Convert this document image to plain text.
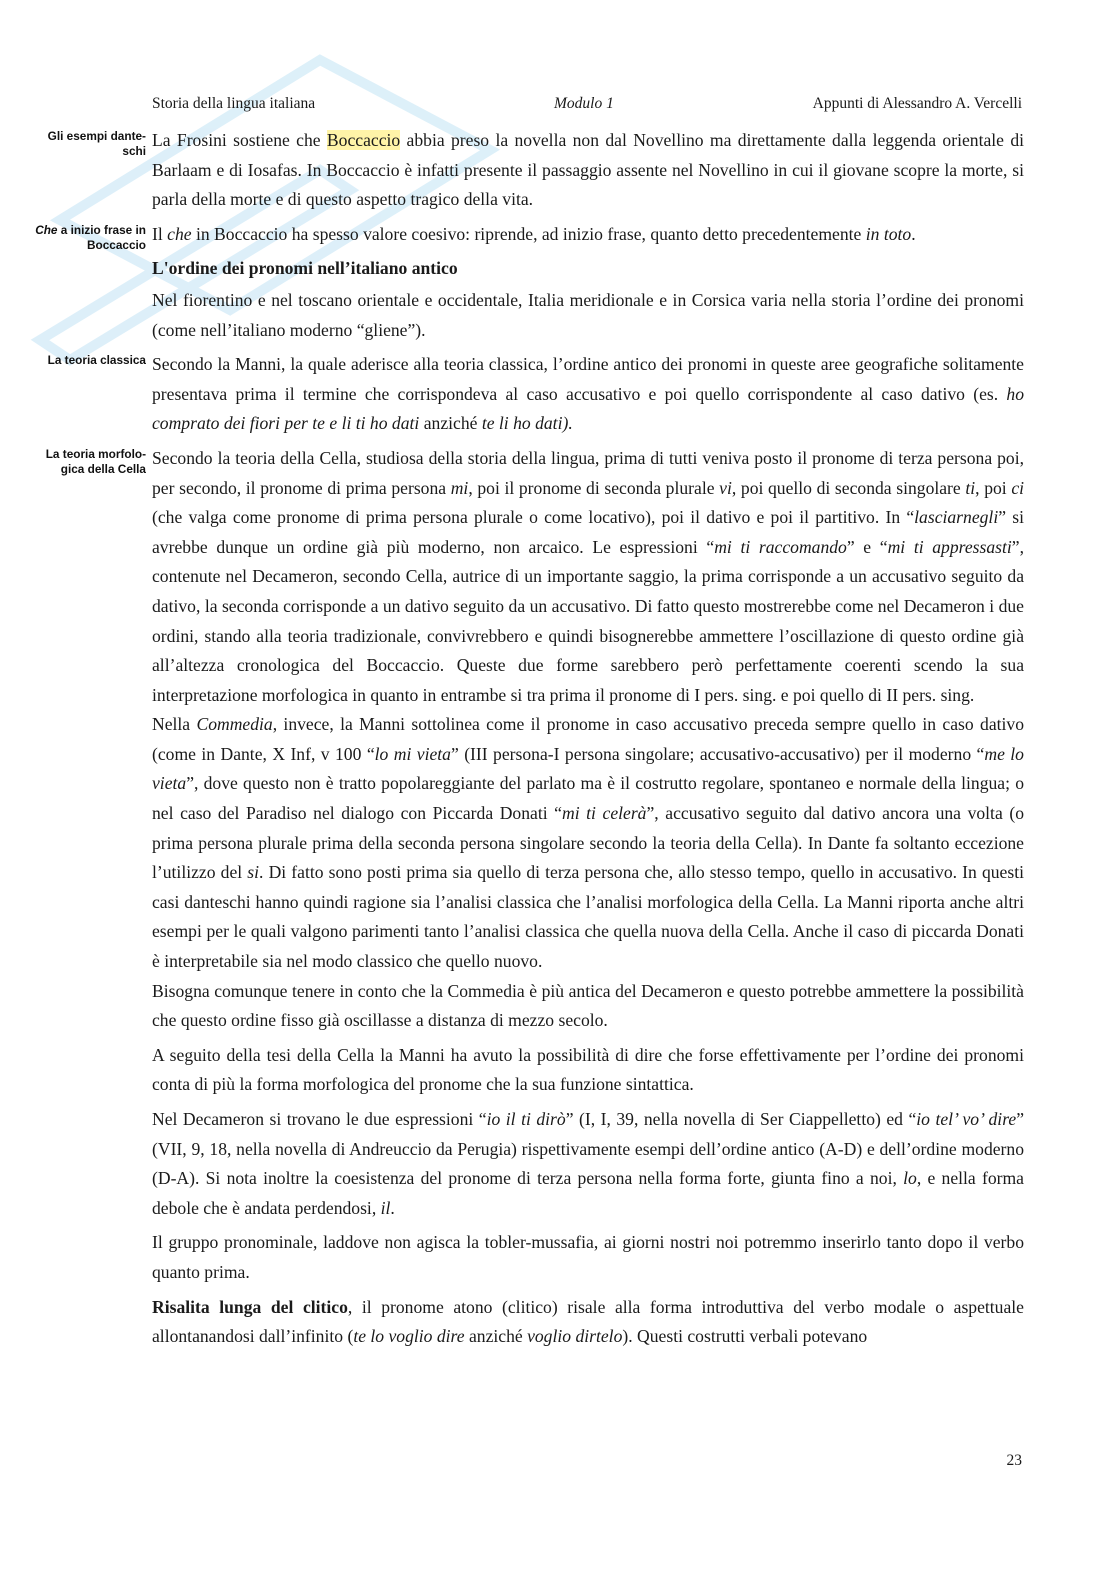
Storia della lingua italiana	Modulo 1	Appunti di Alessandro A. Vercelli

Gli esempi dante-schi
La Frosini sostiene che Boccaccio abbia preso la novella non dal Novellino ma direttamente dalla leggenda orientale di Barlaam e di Iosafas. In Boccaccio è infatti presente il passaggio assente nel Novellino in cui il giovane scopre la morte, si parla della morte e di questo aspetto tragico della vita.

Che a inizio frase in Boccaccio
Il che in Boccaccio ha spesso valore coesivo: riprende, ad inizio frase, quanto detto precedentemente in toto.

L'ordine dei pronomi nell’italiano antico

Nel fiorentino e nel toscano orientale e occidentale, Italia meridionale e in Corsica varia nella storia l’ordine dei pronomi (come nell’italiano moderno “gliene”).

La teoria classica Secondo la Manni, la quale aderisce alla teoria classica, l’ordine antico dei pronomi in queste aree geografiche solitamente presentava prima il termine che corrispondeva al caso accusativo e poi quello corrispondente al caso dativo (es. ho comprato dei fiori per te e li ti ho dati anziché te li ho dati).

La teoria morfolo-gica della Cella
Secondo la teoria della Cella, studiosa della storia della lingua, prima di tutti veniva posto il pronome di terza persona poi, per secondo, il pronome di prima persona mi, poi il pronome di seconda plurale vi, poi quello di seconda singolare ti, poi ci (che valga come pronome di prima persona plurale o come locativo), poi il dativo e poi il partitivo. In “lasciarnegli” si avrebbe dunque un ordine già più moderno, non arcaico. Le espressioni “mi ti raccomando” e “mi ti appressasti”, contenute nel Decameron, secondo Cella, autrice di un importante saggio, la prima corrisponde a un accusativo seguito da dativo, la seconda corrisponde a un dativo seguito da un accusativo. Di fatto questo mostrerebbe come nel Decameron i due ordini, stando alla teoria tradizionale, convivrebbero e quindi bisognerebbe ammettere l’oscillazione di questo ordine già all’altezza cronologica del Boccaccio. Queste due forme sarebbero però perfettamente coerenti scendo la sua interpretazione morfologica in quanto in entrambe si tra prima il pronome di I pers. sing. e poi quello di II pers. sing.

Nella Commedia, invece, la Manni sottolinea come il pronome in caso accusativo preceda sempre quello in caso dativo (come in Dante, X Inf, v 100 “lo mi vieta” (III persona-I persona singolare; accusativo-accusativo) per il moderno “me lo vieta”, dove questo non è tratto popolareggiante del parlato ma è il costrutto regolare, spontaneo e normale della lingua; o nel caso del Paradiso nel dialogo con Piccarda Donati “mi ti celerà”, accusativo seguito dal dativo ancora una volta (o prima persona plurale prima della seconda persona singolare secondo la teoria della Cella). In Dante fa soltanto eccezione l’utilizzo del si. Di fatto sono posti prima sia quello di terza persona che, allo stesso tempo, quello in accusativo. In questi casi danteschi hanno quindi ragione sia l’analisi classica che l’analisi morfologica della Cella. La Manni riporta anche altri esempi per le quali valgono parimenti tanto l’analisi classica che quella nuova della Cella. Anche il caso di piccarda Donati è interpretabile sia nel modo classico che quello nuovo.

Bisogna comunque tenere in conto che la Commedia è più antica del Decameron e questo potrebbe ammettere la possibilità che questo ordine fisso già oscillasse a distanza di mezzo secolo.

A seguito della tesi della Cella la Manni ha avuto la possibilità di dire che forse effettivamente per l’ordine dei pronomi conta di più la forma morfologica del pronome che la sua funzione sintattica.

Nel Decameron si trovano le due espressioni “io il ti dirò” (I, I, 39, nella novella di Ser Ciappelletto) ed “io tel’ vo’ dire” (VII, 9, 18, nella novella di Andreuccio da Perugia) rispettivamente esempi dell’ordine antico (A-D) e dell’ordine moderno (D-A). Si nota inoltre la coesistenza del pronome di terza persona nella forma forte, giunta fino a noi, lo, e nella forma debole che è andata perdendosi, il.

Il gruppo pronominale, laddove non agisca la tobler-mussafia, ai giorni nostri noi potremmo inserirlo tanto dopo il verbo quanto prima.

Risalita lunga del clitico, il pronome atono (clitico) risale alla forma introduttiva del verbo modale o aspettuale allontanandosi dall’infinito (te lo voglio dire anziché voglio dirtelo). Questi costrutti verbali potevano

23
